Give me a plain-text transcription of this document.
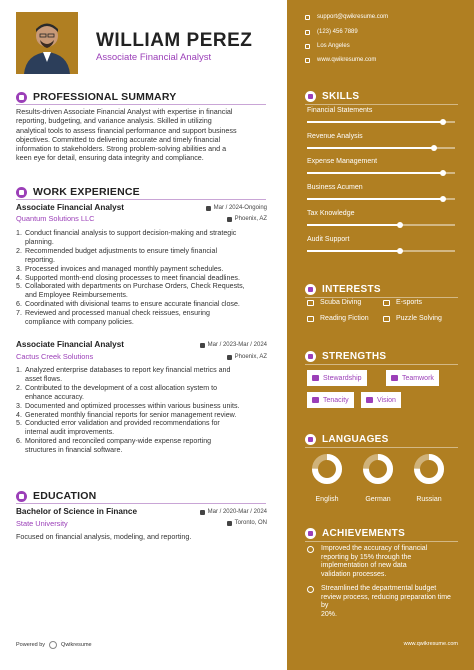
WILLIAM PEREZ
Associate Financial Analyst
PROFESSIONAL SUMMARY
Results-driven Associate Financial Analyst with expertise in financial
reporting, budgeting, and variance analysis. Skilled in utilizing
analytical tools to assess financial performance and support business
objectives. Committed to delivering accurate and timely financial
information to stakeholders. Strong problem-solving abilities and a
keen eye for detail, ensuring data integrity and compliance.
WORK EXPERIENCE
Associate Financial Analyst	Mar / 2024-Ongoing
Quantum Solutions LLC	Phoenix, AZ
1. Conduct financial analysis to support decision-making and strategic
planning.
2. Recommended budget adjustments to ensure timely financial
reporting.
3. Processed invoices and managed monthly payment schedules.
4. Supported month-end closing processes to meet financial deadlines.
5. Collaborated with departments on Purchase Orders, Check Requests,
and Employee Reimbursements.
6. Coordinated with divisional teams to ensure accurate financial close.
7. Reviewed and processed manual check reissues, ensuring
compliance with company policies.
Associate Financial Analyst	Mar / 2023-Mar / 2024
Cactus Creek Solutions	Phoenix, AZ
1. Analyzed enterprise databases to report key financial metrics and
asset flows.
2. Contributed to the development of a cost allocation system to
enhance accuracy.
3. Documented and optimized processes within various business units.
4. Generated monthly financial reports for senior management review.
5. Conducted error validation and provided recommendations for
internal audit improvements.
6. Monitored and reconciled company-wide expense reporting
structures in financial software.
EDUCATION
Bachelor of Science in Finance	Mar / 2020-Mar / 2024
State University	Toronto, ON
Focused on financial analysis, modeling, and reporting.
Powered by	Qwikresume
support@qwikresume.com
(123) 456 7889
Los Angeles
www.qwikresume.com
SKILLS
Financial Statements
Revenue Analysis
Expense Management
Business Acumen
Tax Knowledge
Audit Support
INTERESTS
Scuba Diving	E-sports
Reading Fiction	Puzzle Solving
STRENGTHS
Stewardship	Teamwork
Tenacity	Vision
LANGUAGES
English	German	Russian
ACHIEVEMENTS
Improved the accuracy of financial
reporting by 15% through the
implementation of new data
validation processes.
Streamlined the departmental budget
review process, reducing preparation time by
20%.
www.qwikresume.com
